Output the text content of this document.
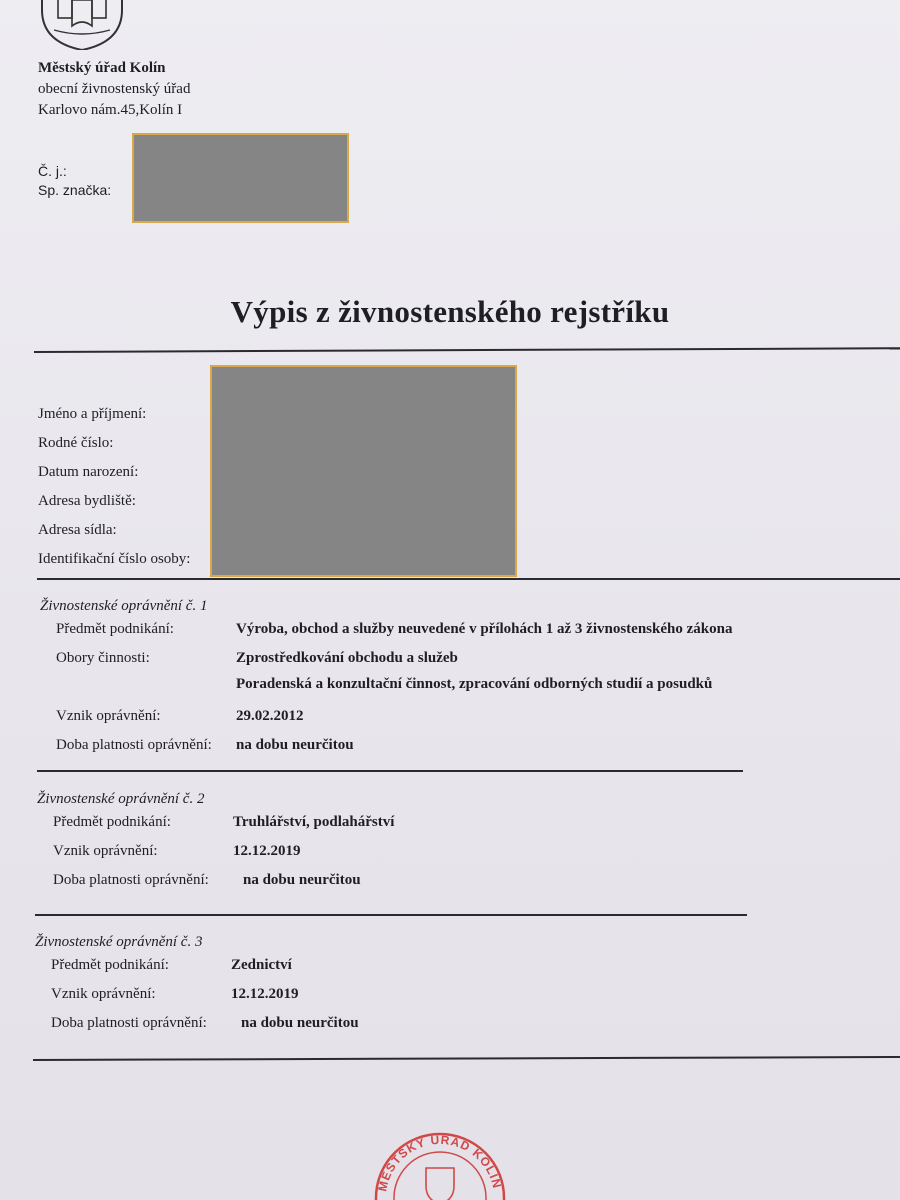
Městský úřad Kolín
obecní živnostenský úřad
Karlovo nám.45,Kolín I
Č. j.:
Sp. značka:
Výpis z živnostenského rejstříku
Jméno a příjmení:
Rodné číslo:
Datum narození:
Adresa bydliště:
Adresa sídla:
Identifikační číslo osoby:
Živnostenské oprávnění č. 1
Předmět podnikání:	Výroba, obchod a služby neuvedené v přílohách 1 až 3 živnostenského zákona
Obory činnosti:	Zprostředkování obchodu a služeb
Poradenská a konzultační činnost, zpracování odborných studií a posudků
Vznik oprávnění:	29.02.2012
Doba platnosti oprávnění: na dobu neurčitou
Živnostenské oprávnění č. 2
Předmět podnikání:	Truhlářství, podlahářství
Vznik oprávnění:	12.12.2019
Doba platnosti oprávnění: na dobu neurčitou
Živnostenské oprávnění č. 3
Předmět podnikání:	Zednictví
Vznik oprávnění:	12.12.2019
Doba platnosti oprávnění: na dobu neurčitou
MĚSTSKÝ ÚŘAD KOLÍN
